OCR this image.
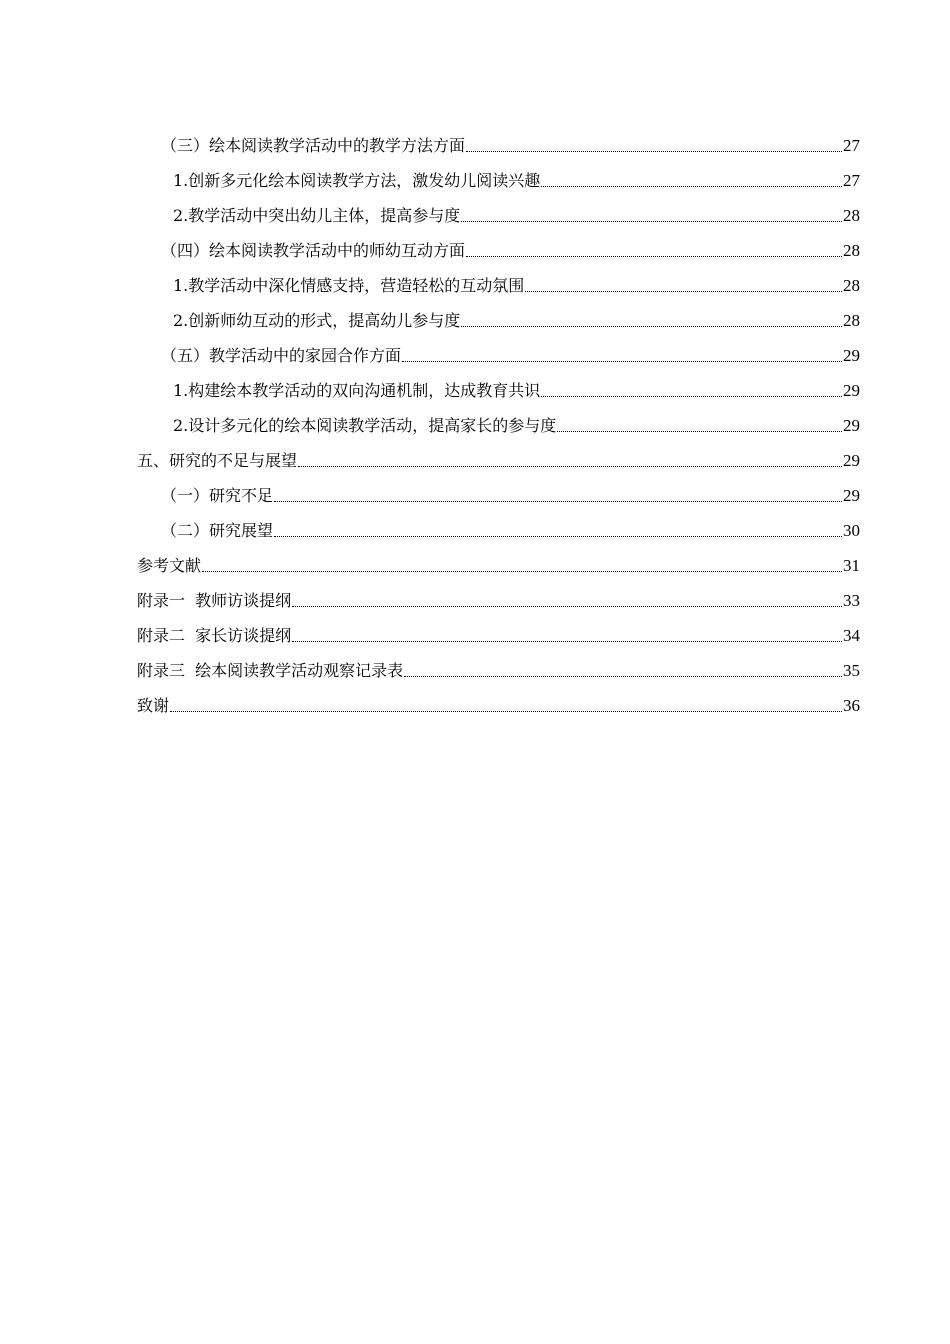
（三）绘本阅读教学活动中的教学方法方面	27
1.创新多元化绘本阅读教学方法，激发幼儿阅读兴趣	27
2.教学活动中突出幼儿主体，提高参与度	28
（四）绘本阅读教学活动中的师幼互动方面	28
1.教学活动中深化情感支持，营造轻松的互动氛围	28
2.创新师幼互动的形式，提高幼儿参与度	28
（五）教学活动中的家园合作方面	29
1.构建绘本教学活动的双向沟通机制，达成教育共识	29
2.设计多元化的绘本阅读教学活动，提高家长的参与度	29
五、研究的不足与展望	29
（一）研究不足	29
（二）研究展望	30
参考文献	31
附录一  教师访谈提纲	33
附录二  家长访谈提纲	34
附录三  绘本阅读教学活动观察记录表	35
致谢	36
